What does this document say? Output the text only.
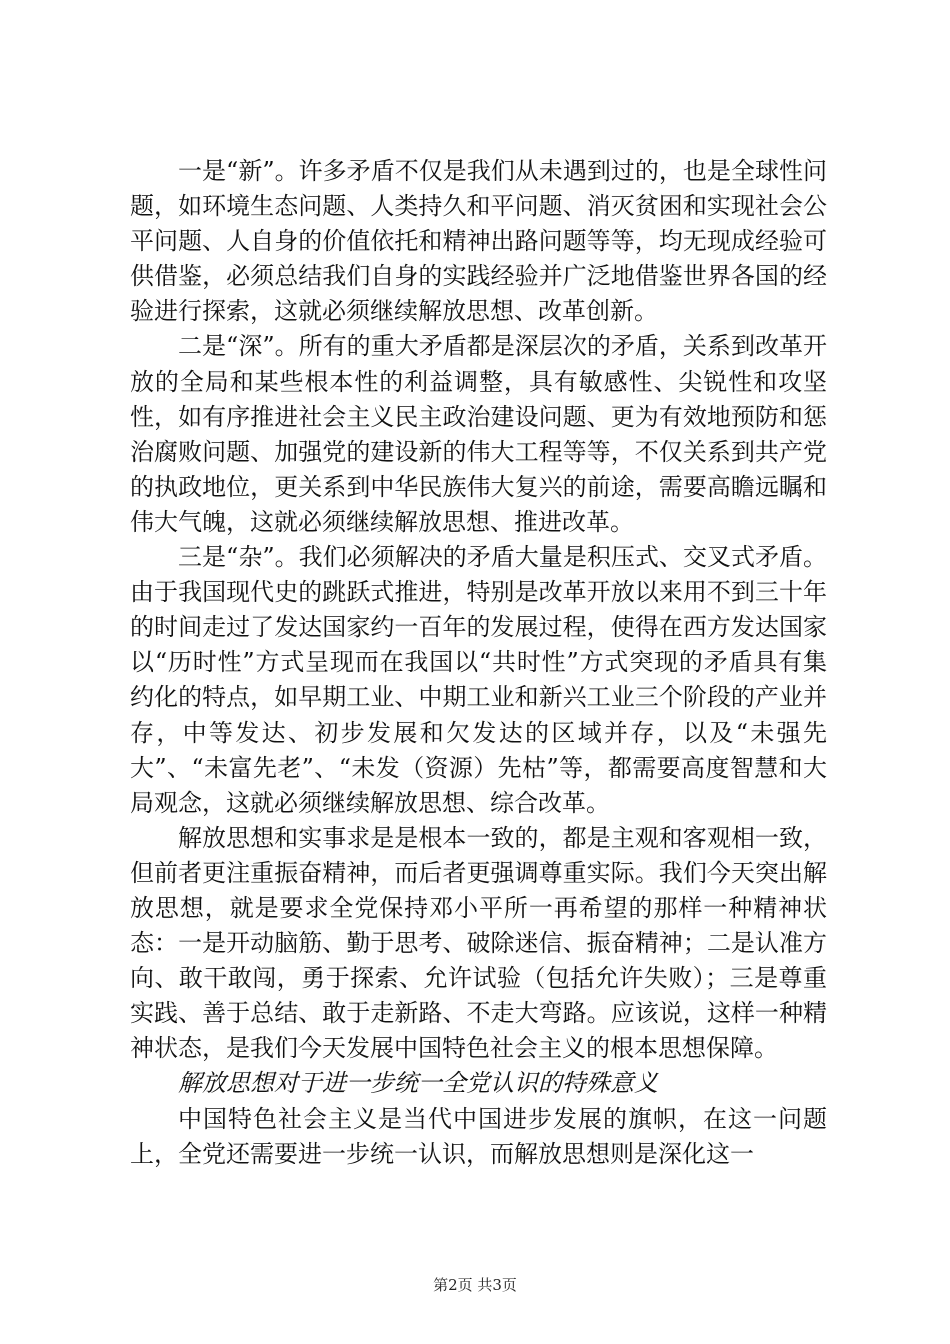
一是“新”。许多矛盾不仅是我们从未遇到过的，也是全球性问题，如环境生态问题、人类持久和平问题、消灭贫困和实现社会公平问题、人自身的价值依托和精神出路问题等等，均无现成经验可供借鉴，必须总结我们自身的实践经验并广泛地借鉴世界各国的经验进行探索，这就必须继续解放思想、改革创新。

二是“深”。所有的重大矛盾都是深层次的矛盾，关系到改革开放的全局和某些根本性的利益调整，具有敏感性、尖锐性和攻坚性，如有序推进社会主义民主政治建设问题、更为有效地预防和惩治腐败问题、加强党的建设新的伟大工程等等，不仅关系到共产党的执政地位，更关系到中华民族伟大复兴的前途，需要高瞻远瞩和伟大气魄，这就必须继续解放思想、推进改革。

三是“杂”。我们必须解决的矛盾大量是积压式、交叉式矛盾。由于我国现代史的跳跃式推进，特别是改革开放以来用不到三十年的时间走过了发达国家约一百年的发展过程，使得在西方发达国家以“历时性”方式呈现而在我国以“共时性”方式突现的矛盾具有集约化的特点，如早期工业、中期工业和新兴工业三个阶段的产业并存，中等发达、初步发展和欠发达的区域并存，以及“未强先大”、“未富先老”、“未发（资源）先枯”等，都需要高度智慧和大局观念，这就必须继续解放思想、综合改革。

解放思想和实事求是是根本一致的，都是主观和客观相一致，但前者更注重振奋精神，而后者更强调尊重实际。我们今天突出解放思想，就是要求全党保持邓小平所一再希望的那样一种精神状态：一是开动脑筋、勤于思考、破除迷信、振奋精神；二是认准方向、敢干敢闯，勇于探索、允许试验（包括允许失败）；三是尊重实践、善于总结、敢于走新路、不走大弯路。应该说，这样一种精神状态，是我们今天发展中国特色社会主义的根本思想保障。

解放思想对于进一步统一全党认识的特殊意义

中国特色社会主义是当代中国进步发展的旗帜，在这一问题上，全党还需要进一步统一认识，而解放思想则是深化这一

第2页 共3页
